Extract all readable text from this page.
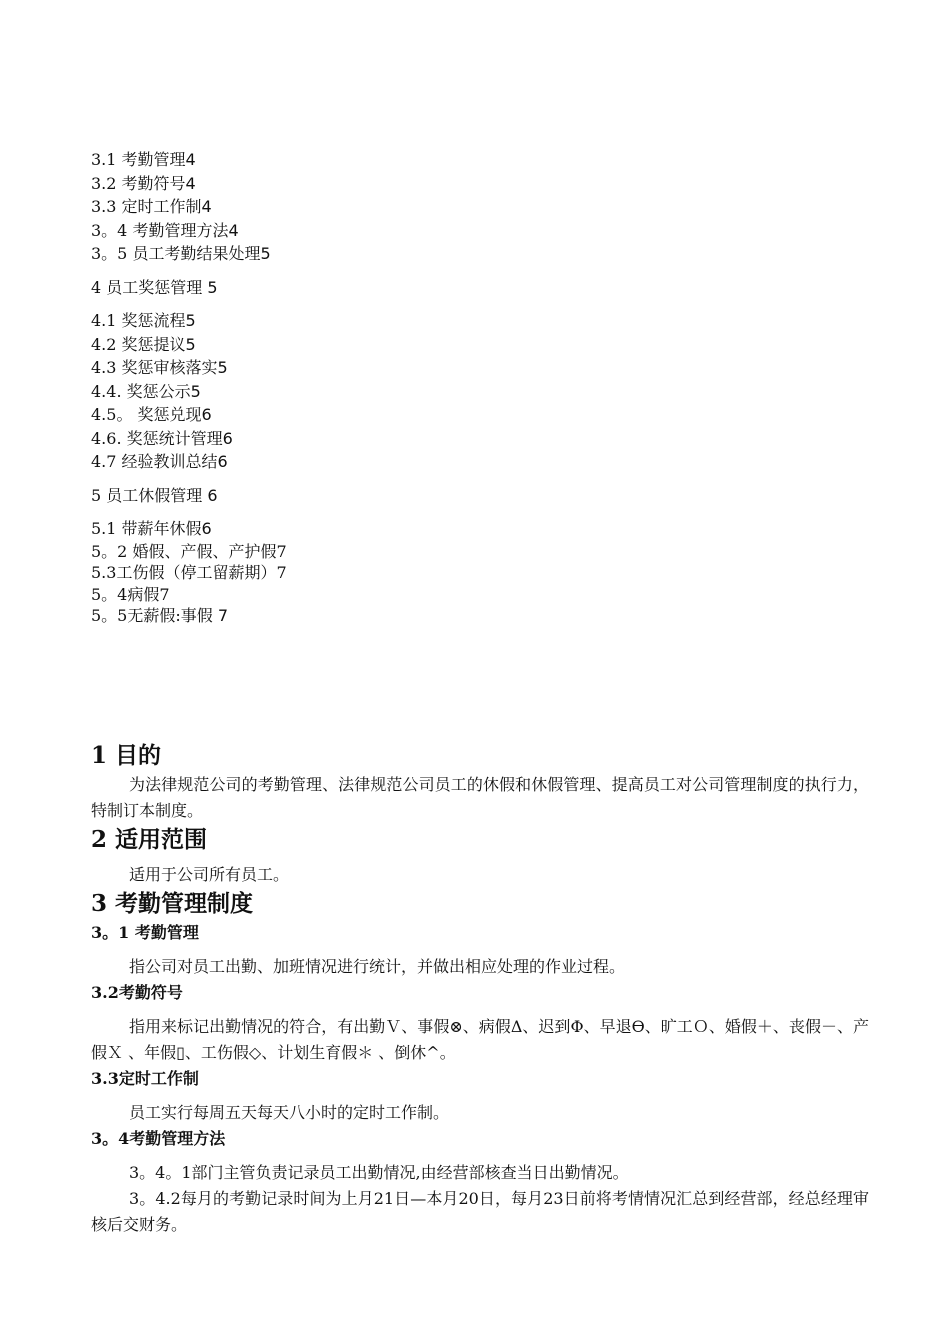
3.1 考勤管理4
3.2 考勤符号4
3.3 定时工作制4
3。4 考勤管理方法4
3。5 员工考勤结果处理5
4 员工奖惩管理 5
4.1 奖惩流程5
4.2 奖惩提议5
4.3 奖惩审核落实5
4.4. 奖惩公示5
4.5。 奖惩兑现6
4.6. 奖惩统计管理6
4.7 经验教训总结6
5 员工休假管理 6
5.1 带薪年休假6
5。2 婚假、产假、产护假7
5.3工伤假（停工留薪期）7
5。4病假7
5。5无薪假:事假 7
1 目的

为法律规范公司的考勤管理、法律规范公司员工的休假和休假管理、提高员工对公司管理制度的执行力，特制订本制度。

2 适用范围

适用于公司所有员工。

3 考勤管理制度
3。1 考勤管理

指公司对员工出勤、加班情况进行统计，并做出相应处理的作业过程。

3.2考勤符号

指用来标记出勤情况的符合，有出勤Ｖ、事假⊗、病假Δ、迟到Φ、早退Ө、旷工Ｏ、婚假＋、丧假－、产假Ｘ 、年假▯、工伤假◇、计划生育假＊ 、倒休^。

3.3定时工作制

员工实行每周五天每天八小时的定时工作制。

3。4考勤管理方法

3。4。1部门主管负责记录员工出勤情况,由经营部核查当日出勤情况。

3。4.2每月的考勤记录时间为上月21日—本月20日，每月23日前将考情情况汇总到经营部，经总经理审核后交财务。
